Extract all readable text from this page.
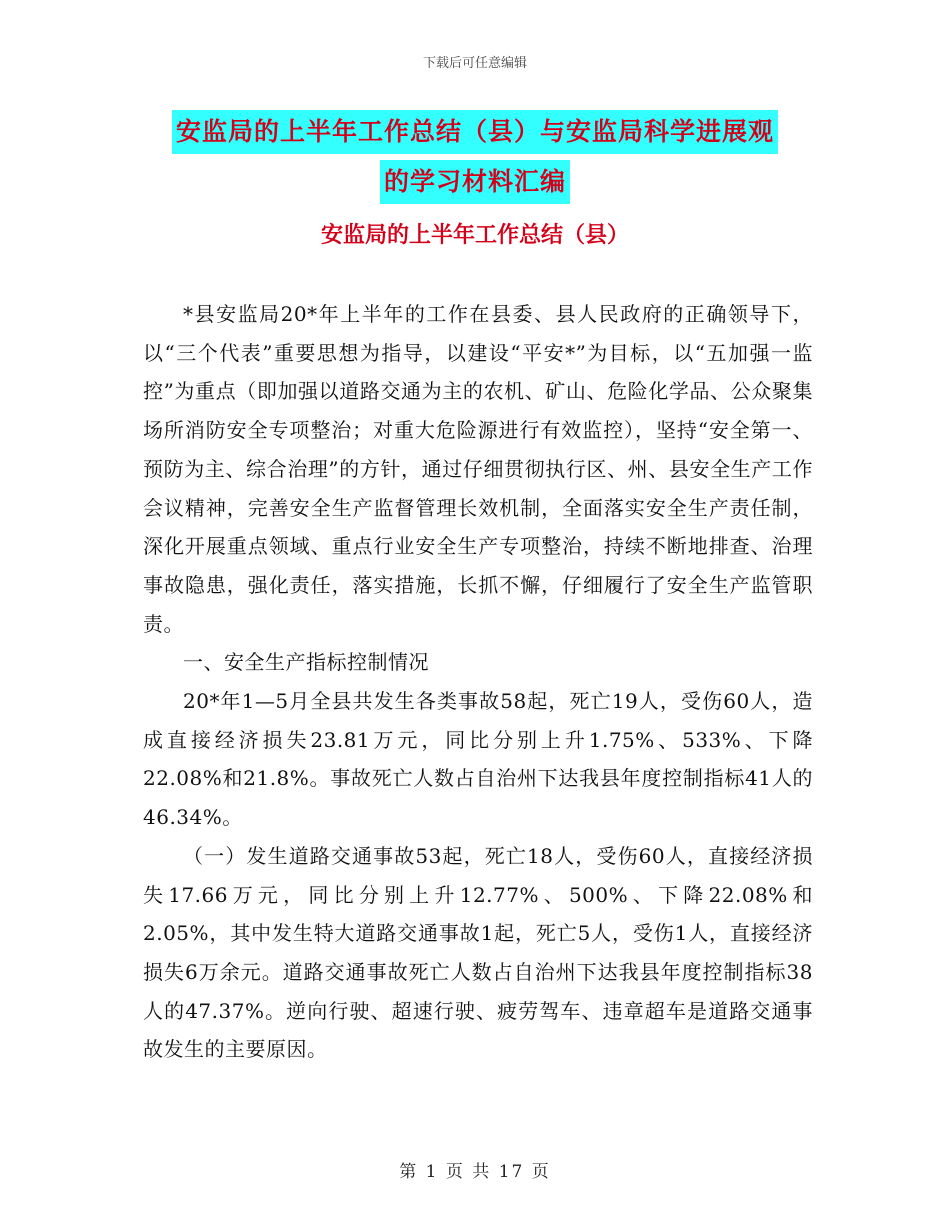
下载后可任意编辑
安监局的上半年工作总结（县）与安监局科学进展观
的学习材料汇编
安监局的上半年工作总结（县）

*县安监局20*年上半年的工作在县委、县人民政府的正确领导下，以“三个代表”重要思想为指导，以建设“平安*”为目标，以“五加强一监控”为重点（即加强以道路交通为主的农机、矿山、危险化学品、公众聚集场所消防安全专项整治；对重大危险源进行有效监控），坚持“安全第一、预防为主、综合治理”的方针，通过仔细贯彻执行区、州、县安全生产工作会议精神，完善安全生产监督管理长效机制，全面落实安全生产责任制，深化开展重点领域、重点行业安全生产专项整治，持续不断地排查、治理事故隐患，强化责任，落实措施，长抓不懈，仔细履行了安全生产监管职责。

一、安全生产指标控制情况

20*年1—5月全县共发生各类事故58起，死亡19人，受伤60人，造成直接经济损失23.81万元，同比分别上升1.75%、533%、下降22.08%和21.8%。事故死亡人数占自治州下达我县年度控制指标41人的46.34%。

（一）发生道路交通事故53起，死亡18人，受伤60人，直接经济损失17.66万元，同比分别上升12.77%、500%、下降22.08%和2.05%，其中发生特大道路交通事故1起，死亡5人，受伤1人，直接经济损失6万余元。道路交通事故死亡人数占自治州下达我县年度控制指标38人的47.37%。逆向行驶、超速行驶、疲劳驾车、违章超车是道路交通事故发生的主要原因。

第 1 页 共 17 页
